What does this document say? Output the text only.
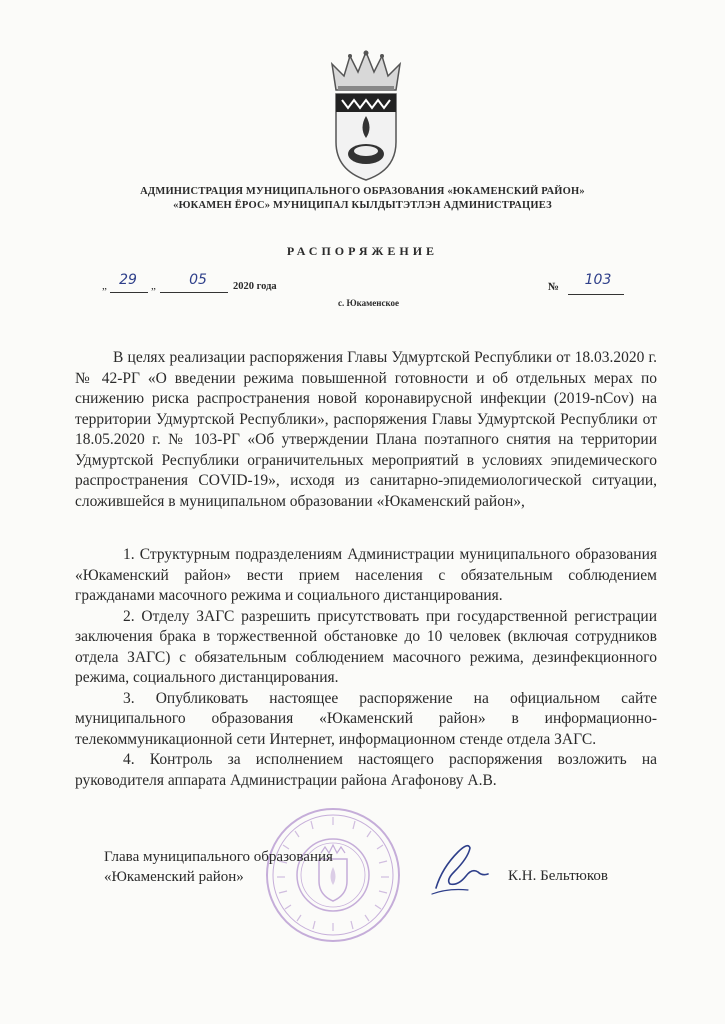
АДМИНИСТРАЦИЯ МУНИЦИПАЛЬНОГО ОБРАЗОВАНИЯ «ЮКАМЕНСКИЙ РАЙОН»
«ЮКАМЕН ЁРОС» МУНИЦИПАЛ КЫЛДЫТЭТЛЭН АДМИНИСТРАЦИЕЗ
РАСПОРЯЖЕНИЕ
„ 29	„	05	2020 года	№	103
с. Юкаменское
В целях реализации распоряжения Главы Удмуртской Республики от 18.03.2020 г. № 42-РГ «О введении режима повышенной готовности и об отдельных мерах по снижению риска распространения новой коронавирусной инфекции (2019-nCov) на территории Удмуртской Республики», распоряжения Главы Удмуртской Республики от 18.05.2020 г. № 103-РГ «Об утверждении Плана поэтапного снятия на территории Удмуртской Республики ограничительных мероприятий в условиях эпидемического распространения COVID-19», исходя из санитарно-эпидемиологической ситуации, сложившейся в муниципальном образовании «Юкаменский район»,

1. Структурным подразделениям Администрации муниципального образования «Юкаменский район» вести прием населения с обязательным соблюдением гражданами масочного режима и социального дистанцирования.

2. Отделу ЗАГС разрешить присутствовать при государственной регистрации заключения брака в торжественной обстановке до 10 человек (включая сотрудников отдела ЗАГС) с обязательным соблюдением масочного режима, дезинфекционного режима, социального дистанцирования.

3. Опубликовать настоящее распоряжение на официальном сайте муниципального образования «Юкаменский район» в информационно-телекоммуникационной сети Интернет, информационном стенде отдела ЗАГС.

4. Контроль за исполнением настоящего распоряжения возложить на руководителя аппарата Администрации района Агафонову А.В.

Глава муниципального образования
«Юкаменский район»	К.Н. Бельтюков
